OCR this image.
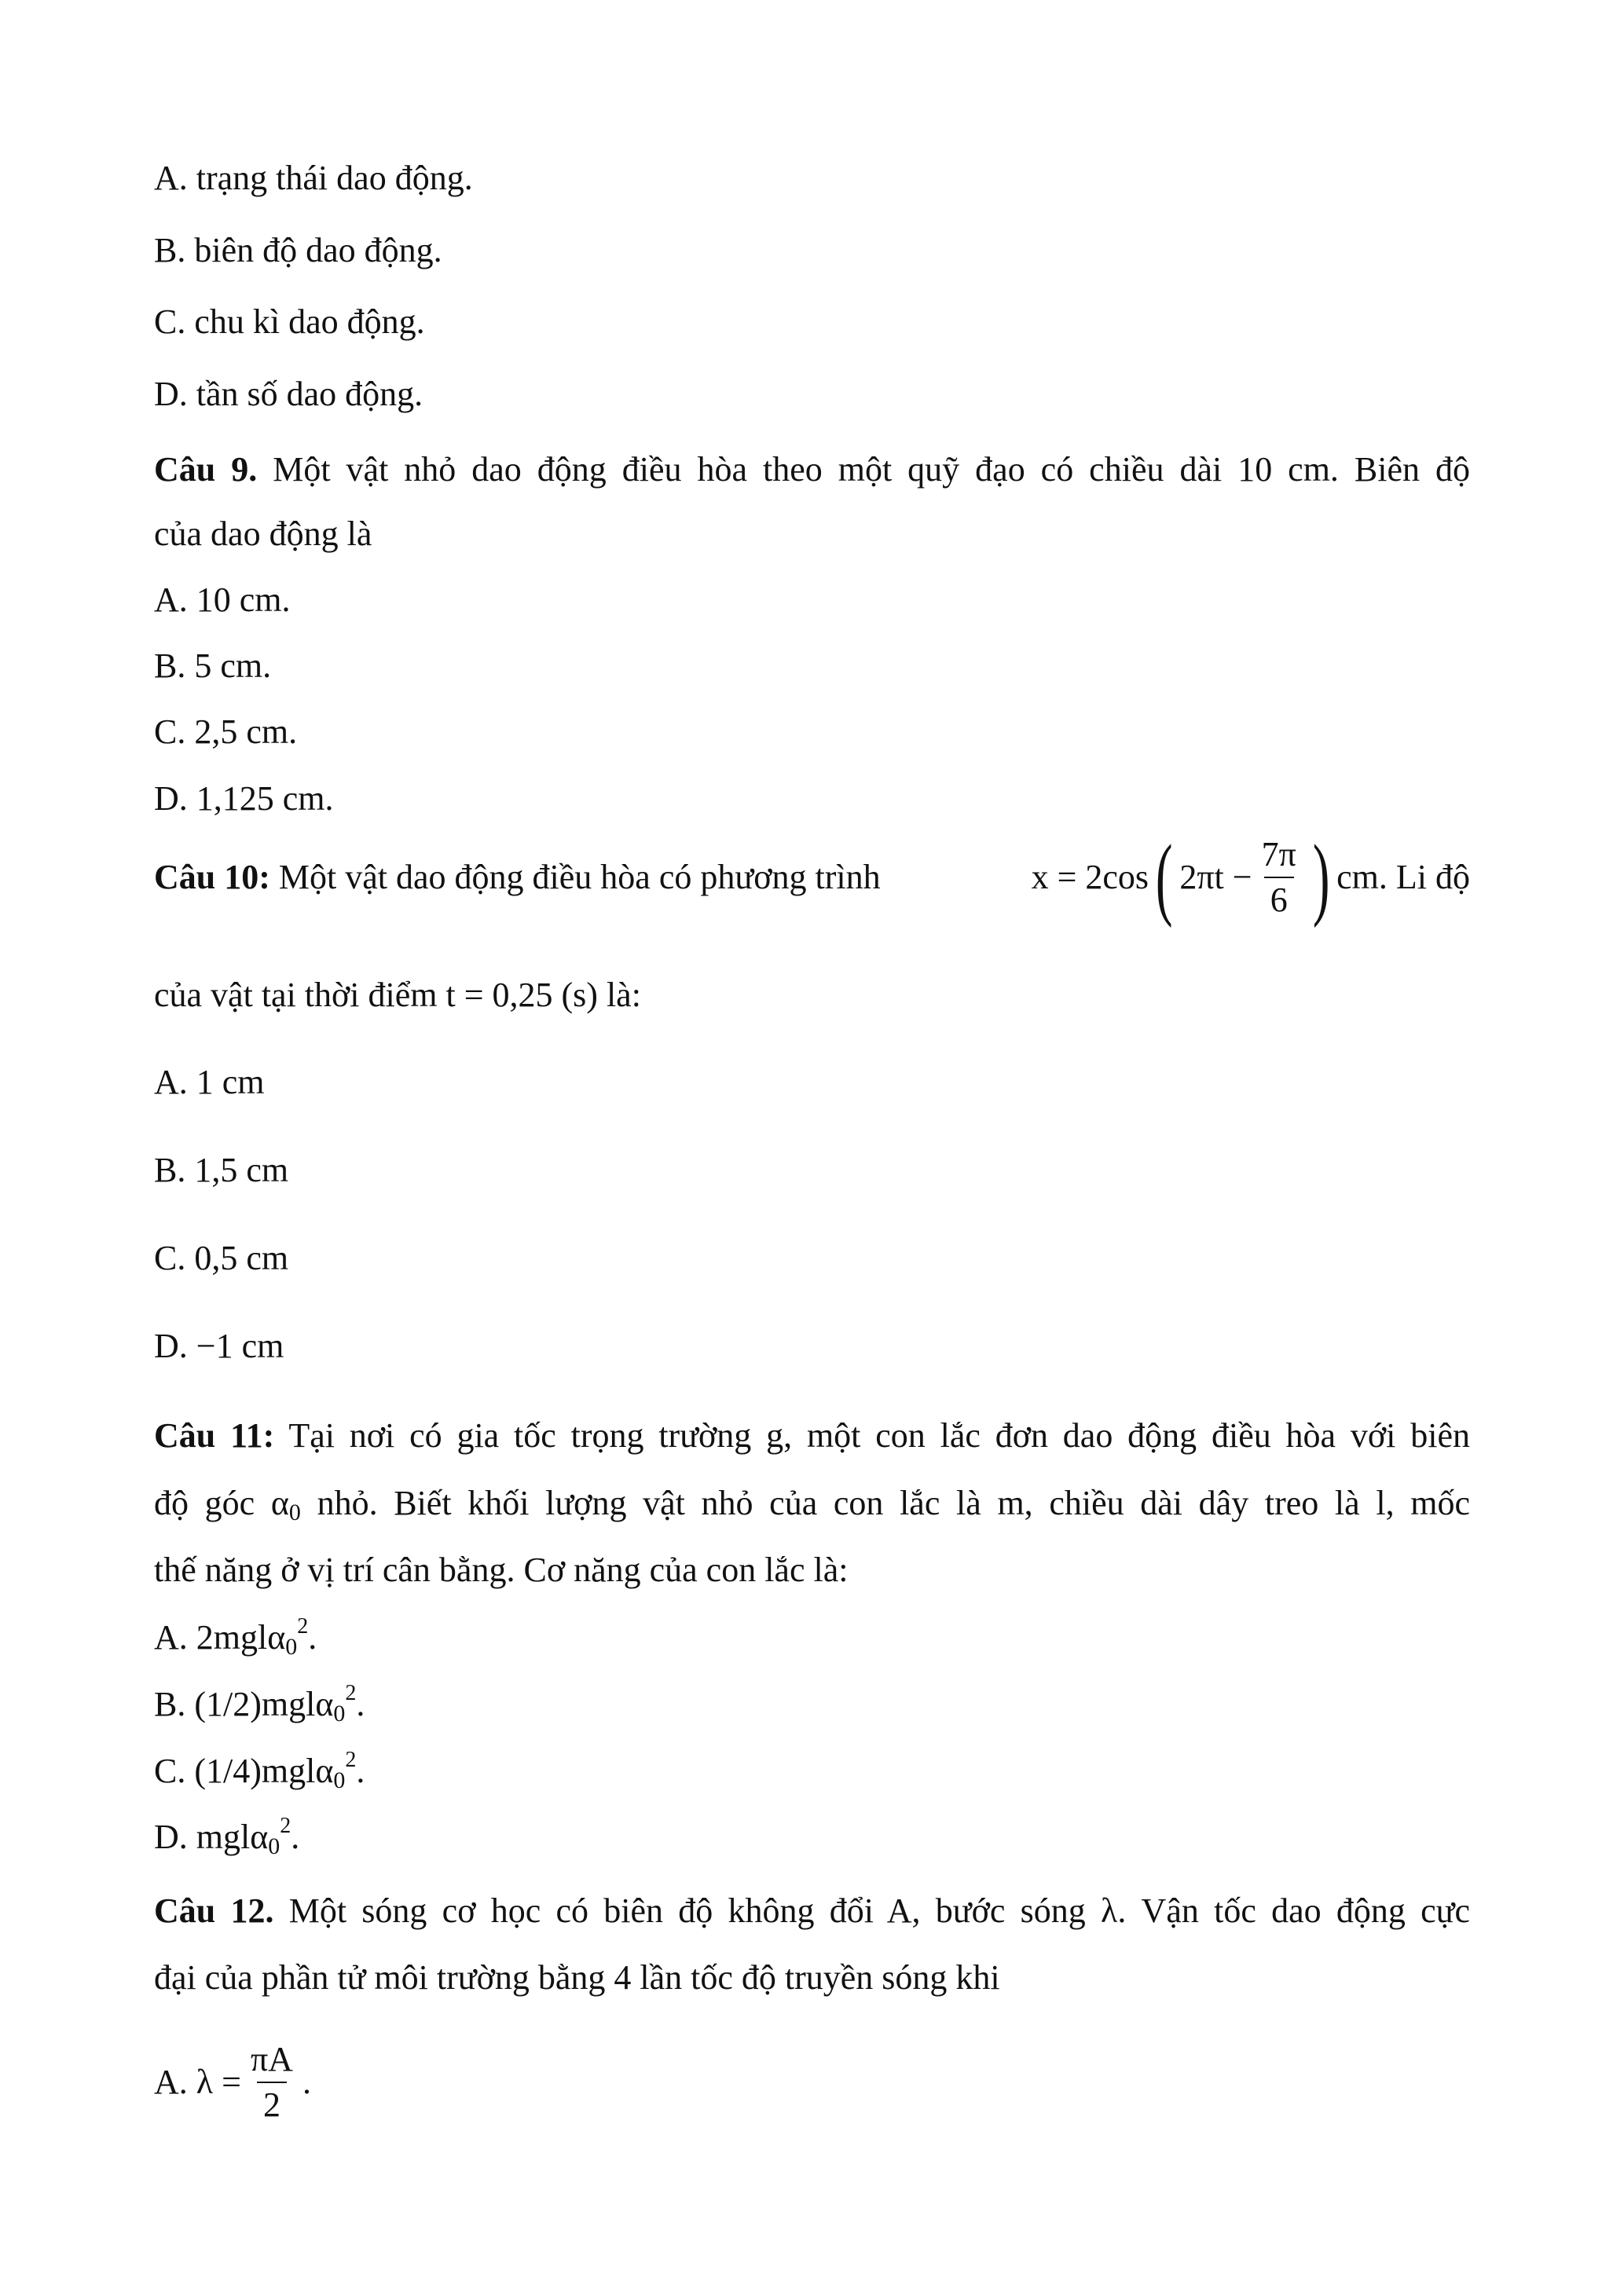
A. trạng thái dao động.
B. biên độ dao động.
C. chu kì dao động.
D. tần số dao động.
Câu 9. Một vật nhỏ dao động điều hòa theo một quỹ đạo có chiều dài 10 cm. Biên độ
của dao động là
A. 10 cm.
B. 5 cm.
C. 2,5 cm.
D. 1,125 cm.
Câu 10: Một vật dao động điều hòa có phương trình	x = 2cos ( $2\pi t - \frac{7\pi}{6}$ ) cm . Li độ
của vật tại thời điểm t = 0,25 (s) là:
A. 1 cm
B. 1,5 cm
C. 0,5 cm
D. −1 cm
Câu 11: Tại nơi có gia tốc trọng trường g, một con lắc đơn dao động điều hòa với biên
độ góc α0 nhỏ. Biết khối lượng vật nhỏ của con lắc là m, chiều dài dây treo là l, mốc
thế năng ở vị trí cân bằng. Cơ năng của con lắc là:
A. $2mgl\alpha 0^2$.
B. $(1/2)mgl\alpha 0^2$.
C. $(1/4)mgl\alpha 0^2$.
D. $mgl\alpha 0^2$.
Câu 12. Một sóng cơ học có biên độ không đổi A, bước sóng λ. Vận tốc dao động cực
đại của phần tử môi trường bằng 4 lần tốc độ truyền sóng khi
A. $\lambda = \frac{\pi A}{2}$ .
